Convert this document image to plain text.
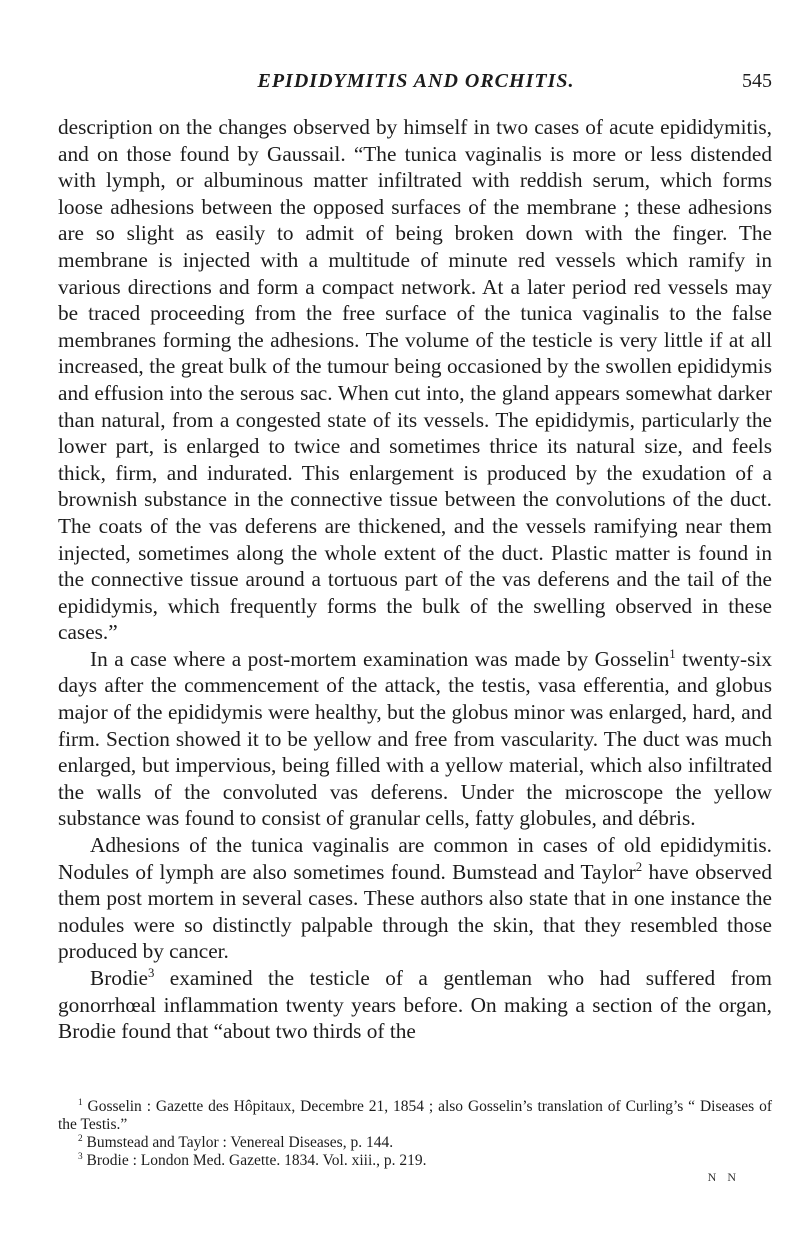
EPIDIDYMITIS AND ORCHITIS.	545

description on the changes observed by himself in two cases of acute epididymitis, and on those found by Gaussail. “The tunica vaginalis is more or less distended with lymph, or albuminous matter infiltrated with reddish serum, which forms loose adhesions between the opposed surfaces of the membrane ; these adhesions are so slight as easily to admit of being broken down with the finger. The membrane is injected with a multitude of minute red vessels which ramify in various directions and form a compact network. At a later period red vessels may be traced proceeding from the free surface of the tunica vaginalis to the false membranes forming the adhesions. The volume of the testicle is very little if at all increased, the great bulk of the tumour being occasioned by the swollen epididymis and effusion into the serous sac. When cut into, the gland appears somewhat darker than natural, from a congested state of its vessels. The epididymis, particularly the lower part, is enlarged to twice and sometimes thrice its natural size, and feels thick, firm, and indurated. This enlargement is produced by the exudation of a brownish substance in the connective tissue between the convolutions of the duct. The coats of the vas deferens are thickened, and the vessels ramifying near them injected, sometimes along the whole extent of the duct. Plastic matter is found in the connective tissue around a tortuous part of the vas deferens and the tail of the epididymis, which frequently forms the bulk of the swelling observed in these cases.”

In a case where a post-mortem examination was made by Gosselin$^1$ twenty-six days after the commencement of the attack, the testis, vasa efferentia, and globus major of the epididymis were healthy, but the globus minor was enlarged, hard, and firm. Section showed it to be yellow and free from vascularity. The duct was much enlarged, but impervious, being filled with a yellow material, which also infiltrated the walls of the convoluted vas deferens. Under the microscope the yellow substance was found to consist of granular cells, fatty globules, and débris.

Adhesions of the tunica vaginalis are common in cases of old epididymitis. Nodules of lymph are also sometimes found. Bumstead and Taylor$^2$ have observed them post mortem in several cases. These authors also state that in one instance the nodules were so distinctly palpable through the skin, that they resembled those produced by cancer.

Brodie$^3$ examined the testicle of a gentleman who had suffered from gonorrhœal inflammation twenty years before. On making a section of the organ, Brodie found that “about two thirds of the

$^1$ Gosselin : Gazette des Hôpitaux, Decembre 21, 1854 ; also Gosselin’s translation of Curling’s “ Diseases of the Testis.”

$^2$ Bumstead and Taylor : Venereal Diseases, p. 144.

$^3$ Brodie : London Med. Gazette. 1834. Vol. xiii., p. 219.

N N
